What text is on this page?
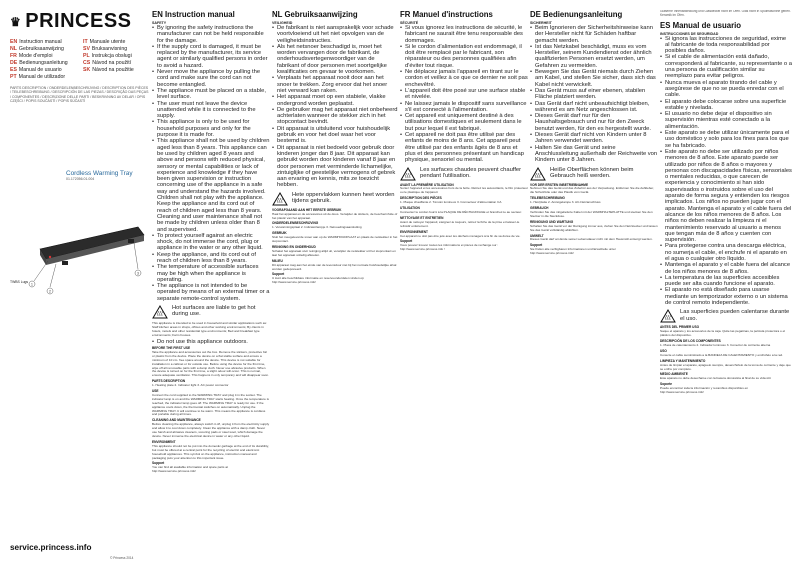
♛ PRINCESS
EN Instruction manual	IT Manuale utente
NL Gebruiksaanwijzing	SV Bruksanvisning
FR Mode d'emploi	PL Instrukcja obsługi
DE Bedienungsanleitung	CS Návod na použití
ES Manual de usuario	SK Návod na použitie
PT Manual de utilizador
PARTS DESCRIPTION / ONDERDELENBESCHRIJVING / DESCRIPTION DES PIÈCES / TEILEBESCHREIBUNG / DESCRIPCIÓN DE LAS PIEZAS / DESCRIÇÃO DAS PEÇAS / COMPONENTES / DESCRIZIONE DELLE PARTI / BESKRIVNING AV DELAR / OPIS CZĘŚCI / POPIS SOUČÁSTÍ / POPIS SÚČASTÍ
Cordless Warming Tray
01.172056.01.004
1
2
3
TWBS Lugs
service.princess.info
© Princess 2014
EN Instruction manual
SAFETY
• By ignoring the safety instructions the manufacturer can not be held responsible for the damage.
• If the supply cord is damaged, it must be replaced by the manufacturer, its service agent or similarly qualified persons in order to avoid a hazard.
• Never move the appliance by pulling the cord and make sure the cord can not become entangled.
• The appliance must be placed on a stable, level surface.
• The user must not leave the device unattended while it is connected to the supply.
• This appliance is only to be used for household purposes and only for the purpose it is made for.
• This appliance shall not be used by children aged less than 8 years. This appliance can be used by children aged 8 years and above and persons with reduced physical, sensory or mental capabilities or lack of experience and knowledge if they have been given supervision or instruction concerning use of the appliance in a safe way and understand the hazards involved. Children shall not play with the appliance. Keep the appliance and its cord out of reach of children aged less than 8 years. Cleaning and user maintenance shall not be made by children unless older than 8 and supervised.
• To protect yourself against an electric shock, do not immerse the cord, plug or appliance in the water or any other liquid.
• Keep the appliance, and its cord out of reach of children less than 8 years.
• The temperature of accessible surfaces may be high when the appliance is operating.
• The appliance is not intended to be operated by means of an external timer or a separate remote-control system.
Hot surfaces are liable to get hot during use.

This appliance is intended to be used in household and similar applications such as: Staff kitchen areas in shops, offices and other working environments; By clients in hotels, motels and other residential type environments; Bed and breakfast type environments; Farm houses.

• Do not use this appliance outdoors.
BEFORE THE FIRST USE

Take the appliance and accessories out the box. Remove the stickers, protective foil or plastic from the device. Place the device on a flat stable surface and ensure a minimum of 10 cm. free space around the device. This device is not suitable for installation in a cabinet or for outside use. Before using the device for the first time, wipe off all removable parts with a damp cloth. Never use abrasive products. When the device is turned on for the first time, a slight odour will occur. This is normal, ensure adequate ventilation. This happens in only temporary and will disappear soon.

PARTS DESCRIPTION

1. Heating plate 2. Indicator light 3. AC power connector

USE

Connect the cord supplied to the WARMING TRAY and plug it in the socket. The indicator lamp is on and the WARMING TRAY starts heating. Once the temperature is reached, the indicator lamp goes off. The WARMING TRAY is ready for use. If the appliance cools down, the thermostat switches on automatically. Unplug the WARMING TRAY. It will continue to be warm. This means the appliance is cordless and portable during all times.

CLEANING AND MAINTENANCE

Before cleaning the appliance, always switch it off, unplug it from the electricity supply and allow it to cool down completely. Clean the appliance with a damp cloth. Never use harsh and abrasive cleaners, scouring pads or steel wool, which damage the device. Never immerse the electrical device in water or any other liquid.

ENVIRONMENT

This appliance should not be put into the domestic garbage at the end of its durability, but must be offered at a central point for the recycling of electric and electronic household appliances. This symbol on the appliance, instruction manual and packaging puts your attention to this important issue.

Support

You can find all available information and spare parts at http://www.service.princess.info!

NL Gebruiksaanwijzing
VEILIGHEID
• De fabrikant is niet aansprakelijk voor schade voortvloeiend uit het niet opvolgen van de veiligheidsinstructies.
• Als het netsnoer beschadigd is, moet het worden vervangen door de fabrikant, de onderhoudsvertegenwoordiger van de fabrikant of door personen met soortgelijke kwalificaties om gevaar te voorkomen.
• Verplaats het apparaat nooit door aan het snoer te trekken. Zorg ervoor dat het snoer niet verward kan raken.
• Het apparaat moet op een stabiele, vlakke ondergrond worden geplaatst.
• De gebruiker mag het apparaat niet onbeheerd achterlaten wanneer de stekker zich in het stopcontact bevindt.
• Dit apparaat is uitsluitend voor huishoudelijk gebruik en voor het doel waar het voor bestemd is.
• Dit apparaat is niet bedoeld voor gebruik door kinderen jonger dan 8 jaar. Dit apparaat kan gebruikt worden door kinderen vanaf 8 jaar en door personen met verminderde lichamelijke, zintuiglijke of geestelijke vermogens of gebrek aan ervaring en kennis, mits ze toezicht hebben.
Hete oppervlakken kunnen heet worden tijdens gebruik.
VOORAFGAAND AAN HET EERSTE GEBRUIK

Haal het apparaat en de accessoires uit de doos. Verwijder de stickers, de beschermfolie of het plastic van het apparaat.

ONDERDELENBESCHRIJVING

1. Verwarmingsplaat 2. Indicatorlampje 3. Netvoedingsaansluiting

GEBRUIK

Sluit het meegeleverde snoer aan op de WARMHOUDPLAAT en plaats de netstekker in het stopcontact.

REINIGING EN ONDERHOUD

Schakel het apparaat vóór reiniging altijd uit, verwijder de netstekker uit het stopcontact en laat het apparaat volledig afkoelen.

MILIEU

Dit apparaat mag aan het einde van de levensduur niet bij het normale huishoudelijke afval worden gedeponeerd.

Support

U kunt alle beschikbare informatie en reserveonderdelen vinden op http://www.service.princess.info!

FR Manuel d'instructions
SÉCURITÉ
• Si vous ignorez les instructions de sécurité, le fabricant ne saurait être tenu responsable des dommages.
• Si le cordon d'alimentation est endommagé, il doit être remplacé par le fabricant, son réparateur ou des personnes qualifiées afin d'éviter tout risque.
• Ne déplacez jamais l'appareil en tirant sur le cordon et veillez à ce que ce dernier ne soit pas enchevêtré.
• L'appareil doit être posé sur une surface stable et nivelée.
• Ne laissez jamais le dispositif sans surveillance s'il est connecté à l'alimentation.
• Cet appareil est uniquement destiné à des utilisations domestiques et seulement dans le but pour lequel il est fabriqué.
• Cet appareil ne doit pas être utilisé par des enfants de moins de 8 ans. Cet appareil peut être utilisé par des enfants âgés de 8 ans et plus et des personnes présentant un handicap physique, sensoriel ou mental.
Les surfaces chaudes peuvent chauffer pendant l'utilisation.
AVANT LA PREMIÈRE UTILISATION

Sortez l'appareil et les accessoires hors de la boîte. Retirez les autocollants, le film protecteur ou le plastique de l'appareil.

DESCRIPTION DES PIÈCES

1. Plaque chauffante 2. Témoin lumineux 3. Connecteur d'alimentation CA

UTILISATION

Connectez le cordon fourni à la PLAQUE DE RÉCHAUFFAGE et branchez-le au secteur.

NETTOYAGE ET ENTRETIEN

Avant de nettoyer l'appareil, éteignez-le toujours, retirez la fiche de la prise et laissez-le refroidir entièrement.

ENVIRONNEMENT

Cet appareil ne doit pas être jeté avec les déchets ménagers à la fin de sa durée de vie.

Support

Vous pouvez trouver toutes les informations et pièces de rechange sur : http://www.service.princess.info !

DE Bedienungsanleitung
SICHERHEIT
• Beim Ignorieren der Sicherheitshinweise kann der Hersteller nicht für Schäden haftbar gemacht werden.
• Ist das Netzkabel beschädigt, muss es vom Hersteller, seinem Kundendienst oder ähnlich qualifizierten Personen ersetzt werden, um Gefahren zu vermeiden.
• Bewegen Sie das Gerät niemals durch Ziehen am Kabel, und stellen Sie sicher, dass sich das Kabel nicht verwickelt.
• Das Gerät muss auf einer ebenen, stabilen Fläche platziert werden.
• Das Gerät darf nicht unbeaufsichtigt bleiben, während es am Netz angeschlossen ist.
• Dieses Gerät darf nur für den Haushaltsgebrauch und nur für den Zweck benutzt werden, für den es hergestellt wurde.
• Dieses Gerät darf nicht von Kindern unter 8 Jahren verwendet werden.
• Halten Sie das Gerät und seine Anschlussleitung außerhalb der Reichweite von Kindern unter 8 Jahren.
Heiße Oberflächen können beim Gebrauch heiß werden.
VOR DER ERSTEN INBETRIEBNAHME

Nehmen Sie das Gerät und das Zubehör aus der Verpackung. Entfernen Sie die Aufkleber, die Schutzfolie oder das Plastik vom Gerät.

TEILEBESCHREIBUNG

1. Heizplatte 2. Anzeigelampe 3. AC-Netzanschluss

GEBRAUCH

Verbinden Sie das mitgelieferte Kabel mit der WARMHALTEPLATTE und stecken Sie den Stecker in die Steckdose.

REINIGUNG UND WARTUNG

Schalten Sie das Gerät vor der Reinigung immer aus, ziehen Sie den Netzstecker und lassen Sie das Gerät vollständig abkühlen.

UMWELT

Dieses Gerät darf am Ende seiner Lebensdauer nicht mit dem Hausmüll entsorgt werden.

Support

Sie finden alle verfügbaren Informationen und Ersatzteile unter http://www.service.princess.info!

Gläserne Innenabdeckung und Gläsdeckel nicht im Ofen. Glas nicht in Spülmaschine geben. Keramik im Ofen.
ES Manual de usuario
INSTRUCCIONES DE SEGURIDAD
• Si ignora las instrucciones de seguridad, exime al fabricante de toda responsabilidad por posibles daños.
• Si el cable de alimentación está dañado, corresponderá al fabricante, su representante o a una persona de cualificación similar su reemplazo para evitar peligros.
• Nunca mueva el aparato tirando del cable y asegúrese de que no se pueda enredar con el cable.
• El aparato debe colocarse sobre una superficie estable y nivelada.
• El usuario no debe dejar el dispositivo sin supervisión mientras esté conectado a la alimentación.
• Este aparato se debe utilizar únicamente para el uso doméstico y solo para los fines para los que se ha fabricado.
• Este aparato no debe ser utilizado por niños menores de 8 años. Este aparato puede ser utilizado por niños de 8 años o mayores y personas con discapacidades físicas, sensoriales o mentales reducidas, o que carecen de experiencia y conocimiento si han sido supervisados o instruidos sobre el uso del aparato de forma segura y entienden los riesgos implicados. Los niños no pueden jugar con el aparato. Mantenga el aparato y el cable fuera del alcance de los niños menores de 8 años. Los niños no deben realizar la limpieza ni el mantenimiento reservado al usuario a menos que tengan más de 8 años y cuenten con supervisión.
• Para protegerse contra una descarga eléctrica, no sumerja el cable, el enchufe ni el aparato en el agua o cualquier otro líquido.
• Mantenga el aparato y el cable fuera del alcance de los niños menores de 8 años.
• La temperatura de las superficies accesibles puede ser alta cuando funcione el aparato.
• El aparato no está diseñado para usarse mediante un temporizador externo o un sistema de control remoto independiente.
Las superficies pueden calentarse durante el uso.
ANTES DEL PRIMER USO

Saque el aparato y los accesorios de la caja. Quite las pegatinas, la película protectora o el plástico del dispositivo.

DESCRIPCIÓN DE LOS COMPONENTES

1. Placa de calentamiento 2. Indicador luminoso 3. Conector de corriente alterna

USO

Conecte el cable suministrado a la BANDEJA DE CALENTAMIENTO y enchúfelo a la red.

LIMPIEZA Y MANTENIMIENTO

Antes de limpiar el aparato, apáguelo siempre, desenchúfelo de la toma de corriente y deje que se enfríe por completo.

MEDIO AMBIENTE

Este aparato no debe desecharse con la basura doméstica al final de su vida útil.

Soporte

Puede encontrar toda la información y recambios disponibles en http://www.service.princess.info!
